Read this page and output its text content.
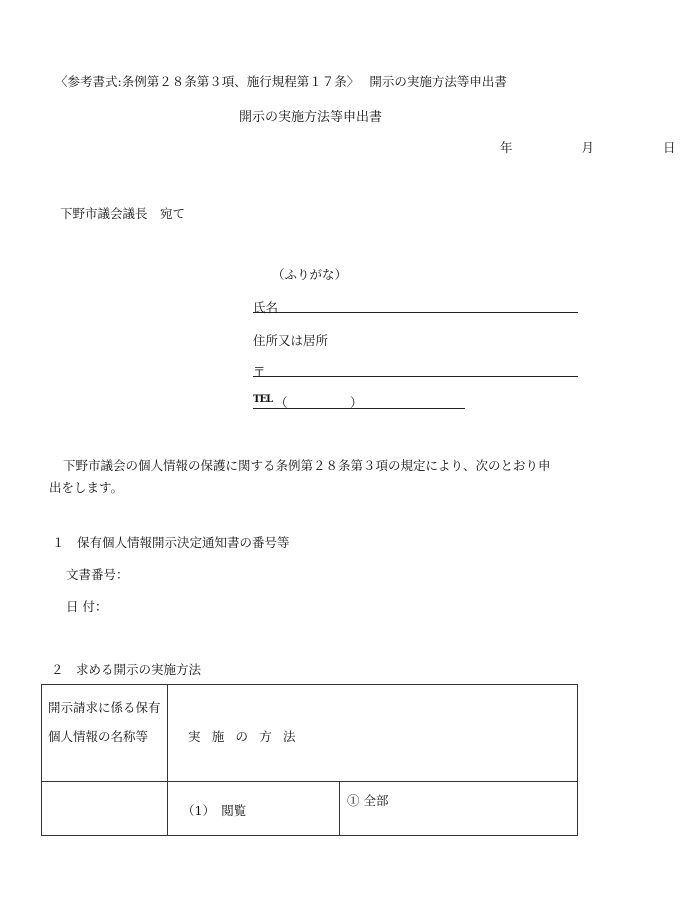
〈参考書式:条例第２８条第３項、施行規程第１７条〉　 開示の実施方法等申出書
開示の実施方法等申出書
年　 月　 日
下野市議会議長　宛て
（ふりがな）
氏名
住所又は居所
〒
TEL （　　　　　）
下野市議会の個人情報の保護に関する条例第２８条第３項の規定により、次のとおり申
出をします。
１　保有個人情報開示決定通知書の番号等
文書番号：
日 付：
２　求める開示の実施方法
開示請求に係る保有個人情報の名称等	実施の方法	

	（1）　閲覧	① 全部
